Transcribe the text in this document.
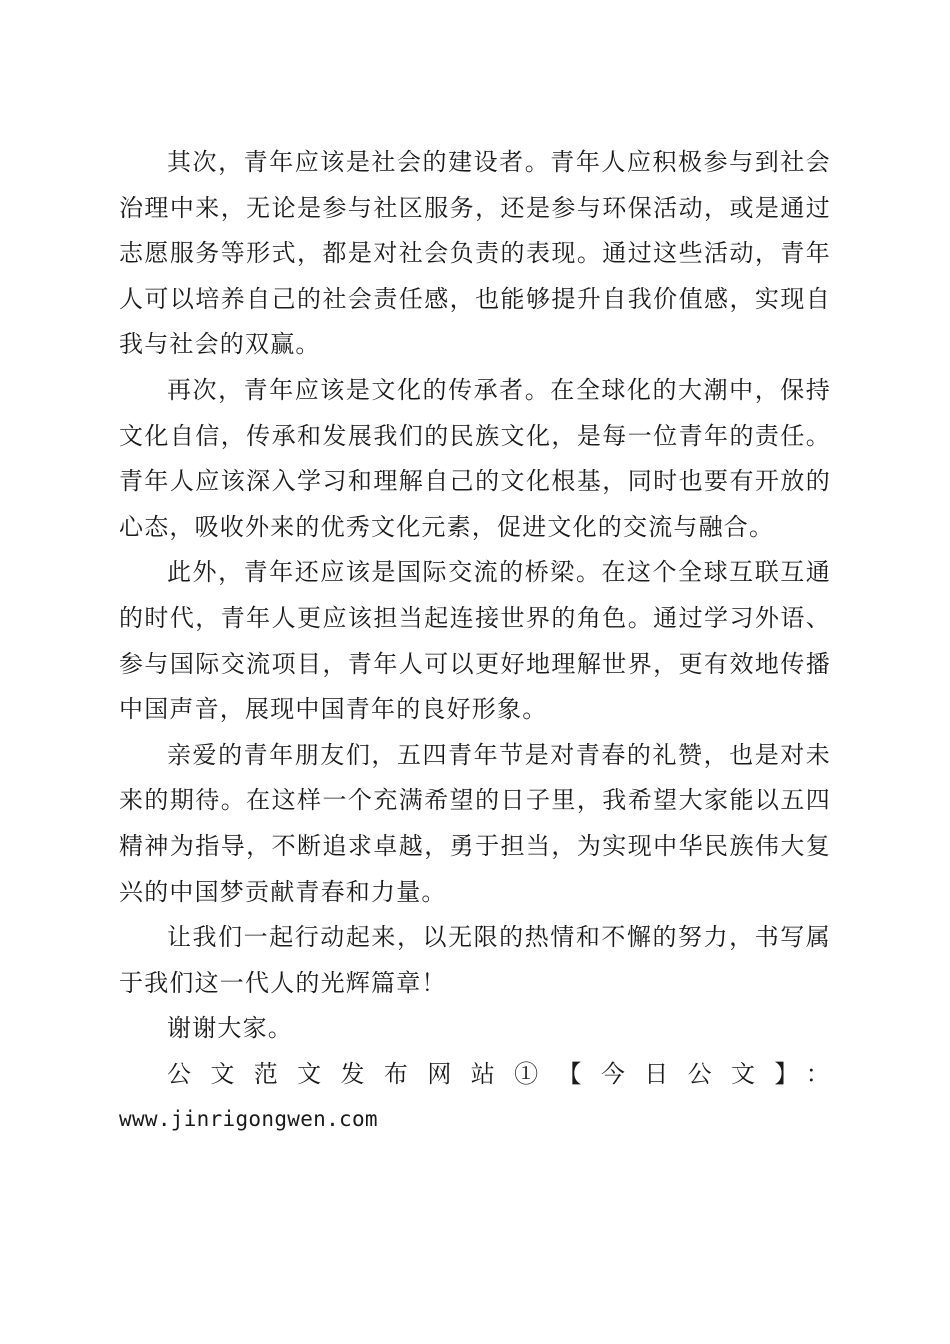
其次，青年应该是社会的建设者。青年人应积极参与到社会治理中来，无论是参与社区服务，还是参与环保活动，或是通过志愿服务等形式，都是对社会负责的表现。通过这些活动，青年人可以培养自己的社会责任感，也能够提升自我价值感，实现自我与社会的双赢。

再次，青年应该是文化的传承者。在全球化的大潮中，保持文化自信，传承和发展我们的民族文化，是每一位青年的责任。青年人应该深入学习和理解自己的文化根基，同时也要有开放的心态，吸收外来的优秀文化元素，促进文化的交流与融合。

此外，青年还应该是国际交流的桥梁。在这个全球互联互通的时代，青年人更应该担当起连接世界的角色。通过学习外语、参与国际交流项目，青年人可以更好地理解世界，更有效地传播中国声音，展现中国青年的良好形象。

亲爱的青年朋友们，五四青年节是对青春的礼赞，也是对未来的期待。在这样一个充满希望的日子里，我希望大家能以五四精神为指导，不断追求卓越，勇于担当，为实现中华民族伟大复兴的中国梦贡献青春和力量。

让我们一起行动起来，以无限的热情和不懈的努力，书写属于我们这一代人的光辉篇章！

谢谢大家。

公文范文发布网站①【今日公文】：

www.jinrigongwen.com
